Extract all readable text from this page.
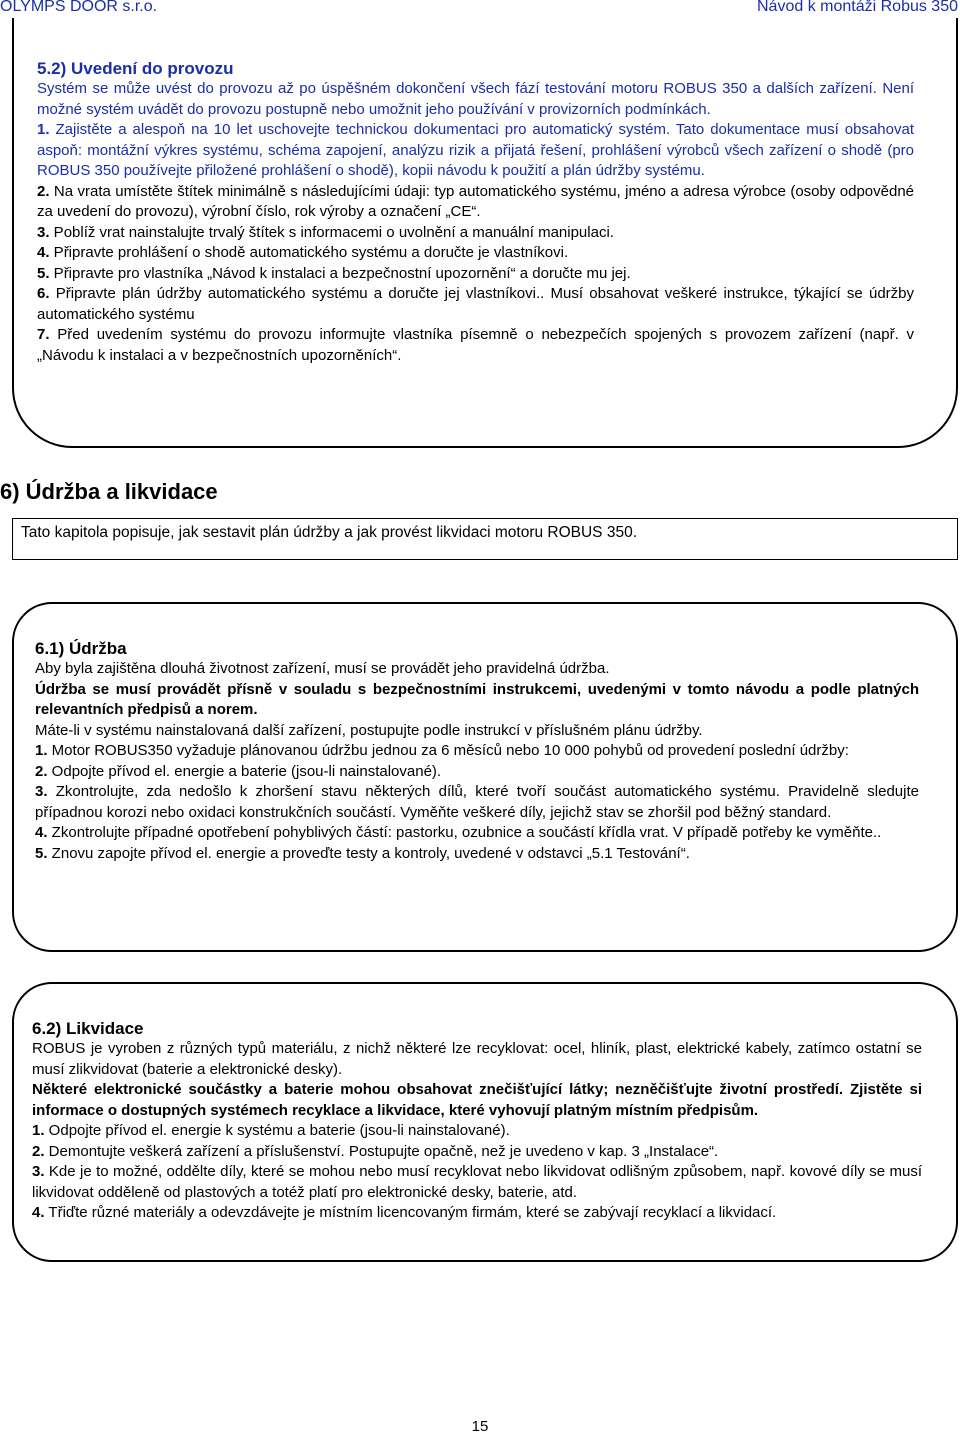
OLYMPS DOOR s.r.o.	Návod k montáži Robus 350
5.2) Uvedení do provozu

Systém se může uvést do provozu až po úspěšném dokončení všech fází testování motoru ROBUS 350 a dalších zařízení. Není možné systém uvádět do provozu postupně nebo umožnit jeho používání v provizorních podmínkách.

1. Zajistěte a alespoň na 10 let uschovejte technickou dokumentaci pro automatický systém. Tato dokumentace musí obsahovat aspoň: montážní výkres systému, schéma zapojení, analýzu rizik a přijatá řešení, prohlášení výrobců všech zařízení o shodě (pro ROBUS 350 používejte přiložené prohlášení o shodě), kopii návodu k použití a plán údržby systému.

2. Na vrata umístěte štítek minimálně s následujícími údaji: typ automatického systému, jméno a adresa výrobce (osoby odpovědné za uvedení do provozu), výrobní číslo, rok výroby a označení „CE“.

3. Poblíž vrat nainstalujte trvalý štítek s informacemi o uvolnění a manuální manipulaci.

4. Připravte prohlášení o shodě automatického systému a doručte je vlastníkovi.

5. Připravte pro vlastníka „Návod k instalaci a bezpečnostní upozornění“ a doručte mu jej.

6. Připravte plán údržby automatického systému a doručte jej vlastníkovi.. Musí obsahovat veškeré instrukce, týkající se údržby automatického systému

7. Před uvedením systému do provozu informujte vlastníka písemně o nebezpečích spojených s provozem zařízení (např. v „Návodu k instalaci a v bezpečnostních upozorněních“.

6) Údržba a likvidace
Tato kapitola popisuje, jak sestavit plán údržby a jak provést likvidaci motoru ROBUS 350.
6.1) Údržba

Aby byla zajištěna dlouhá životnost zařízení, musí se provádět jeho pravidelná údržba.

Údržba se musí provádět přísně v souladu s bezpečnostními instrukcemi, uvedenými v tomto návodu a podle platných relevantních předpisů a norem.

Máte-li v systému nainstalovaná další zařízení, postupujte podle instrukcí v příslušném plánu údržby.

1. Motor ROBUS350 vyžaduje plánovanou údržbu jednou za 6 měsíců nebo 10 000 pohybů od provedení poslední údržby:

2. Odpojte přívod el. energie a baterie (jsou-li nainstalované).

3. Zkontrolujte, zda nedošlo k zhoršení stavu některých dílů, které tvoří součást automatického systému. Pravidelně sledujte případnou korozi nebo oxidaci konstrukčních součástí. Vyměňte veškeré díly, jejichž stav se zhoršil pod běžný standard.

4. Zkontrolujte případné opotřebení pohyblivých částí: pastorku, ozubnice a součástí křídla vrat. V případě potřeby ke vyměňte..

5. Znovu zapojte přívod el. energie a proveďte testy a kontroly, uvedené v odstavci „5.1 Testování“.

6.2) Likvidace

ROBUS je vyroben z různých typů materiálu, z nichž některé lze recyklovat: ocel, hliník, plast, elektrické kabely, zatímco ostatní se musí zlikvidovat (baterie a elektronické desky).

Některé elektronické součástky a baterie mohou obsahovat znečišťující látky; nezněčišťujte životní prostředí. Zjistěte si informace o dostupných systémech recyklace a likvidace, které vyhovují platným místním předpisům.

1. Odpojte přívod el. energie k systému a baterie (jsou-li nainstalované).

2. Demontujte veškerá zařízení a příslušenství. Postupujte opačně, než je uvedeno v kap. 3 „Instalace“.

3. Kde je to možné, oddělte díly, které se mohou nebo musí recyklovat nebo likvidovat odlišným způsobem, např. kovové díly se musí likvidovat odděleně od plastových a totéž platí pro elektronické desky, baterie, atd.

4. Třiďte různé materiály a odevzdávejte je místním licencovaným firmám, které se zabývají recyklací a likvidací.

15
